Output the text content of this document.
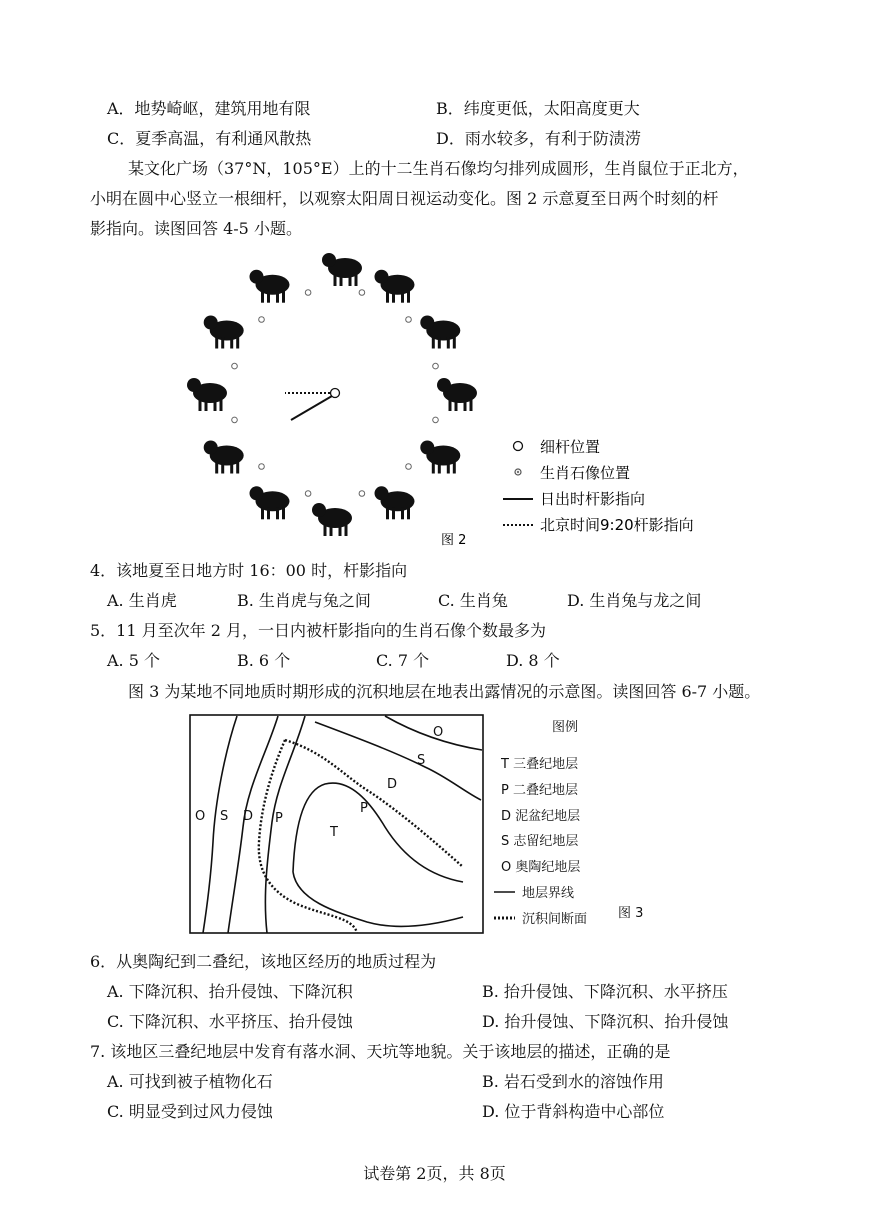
A．地势崎岖，建筑用地有限	B．纬度更低，太阳高度更大
C．夏季高温，有利通风散热	D．雨水较多，有利于防渍涝
某文化广场（37°N，105°E）上的十二生肖石像均匀排列成圆形，生肖鼠位于正北方，
小明在圆中心竖立一根细杆，以观察太阳周日视运动变化。图 2 示意夏至日两个时刻的杆
影指向。读图回答 4-5 小题。
细杆位置
生肖石像位置
日出时杆影指向
北京时间9:20杆影指向
图 2
4．该地夏至日地方时 16：00 时，杆影指向
A. 生肖虎	B. 生肖虎与兔之间	C. 生肖兔	D. 生肖兔与龙之间
5．11 月至次年 2 月，一日内被杆影指向的生肖石像个数最多为
A. 5 个	B. 6 个	C. 7 个	D. 8 个
图 3 为某地不同地质时期形成的沉积地层在地表出露情况的示意图。读图回答 6-7 小题。
O S D P
T
P
D
S
O	图例
T 三叠纪地层
P 二叠纪地层
D 泥盆纪地层
S 志留纪地层
O 奥陶纪地层
地层界线
沉积间断面 图 3
6．从奥陶纪到二叠纪，该地区经历的地质过程为
A. 下降沉积、抬升侵蚀、下降沉积	B. 抬升侵蚀、下降沉积、水平挤压
C. 下降沉积、水平挤压、抬升侵蚀	D. 抬升侵蚀、下降沉积、抬升侵蚀
7. 该地区三叠纪地层中发育有落水洞、天坑等地貌。关于该地层的描述，正确的是
A. 可找到被子植物化石	B. 岩石受到水的溶蚀作用
C. 明显受到过风力侵蚀	D. 位于背斜构造中心部位
试卷第 2页，共 8页
